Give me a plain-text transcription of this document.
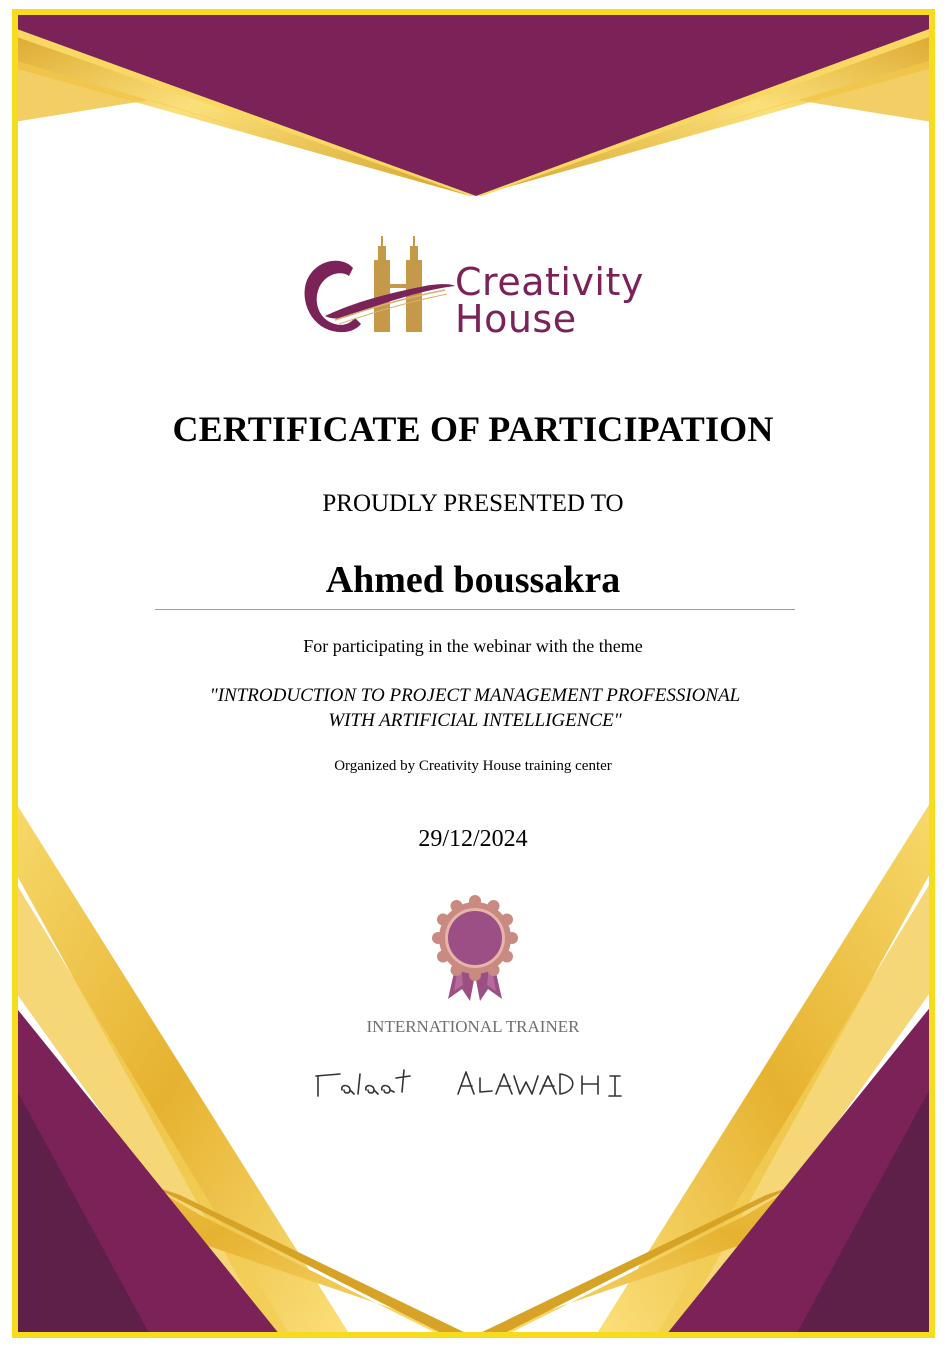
Creativity
House
CERTIFICATE OF PARTICIPATION
PROUDLY PRESENTED TO
Ahmed boussakra
For participating in the webinar with the theme
"INTRODUCTION TO PROJECT MANAGEMENT PROFESSIONAL
WITH ARTIFICIAL INTELLIGENCE"
Organized by Creativity House training center
29/12/2024
INTERNATIONAL TRAINER
